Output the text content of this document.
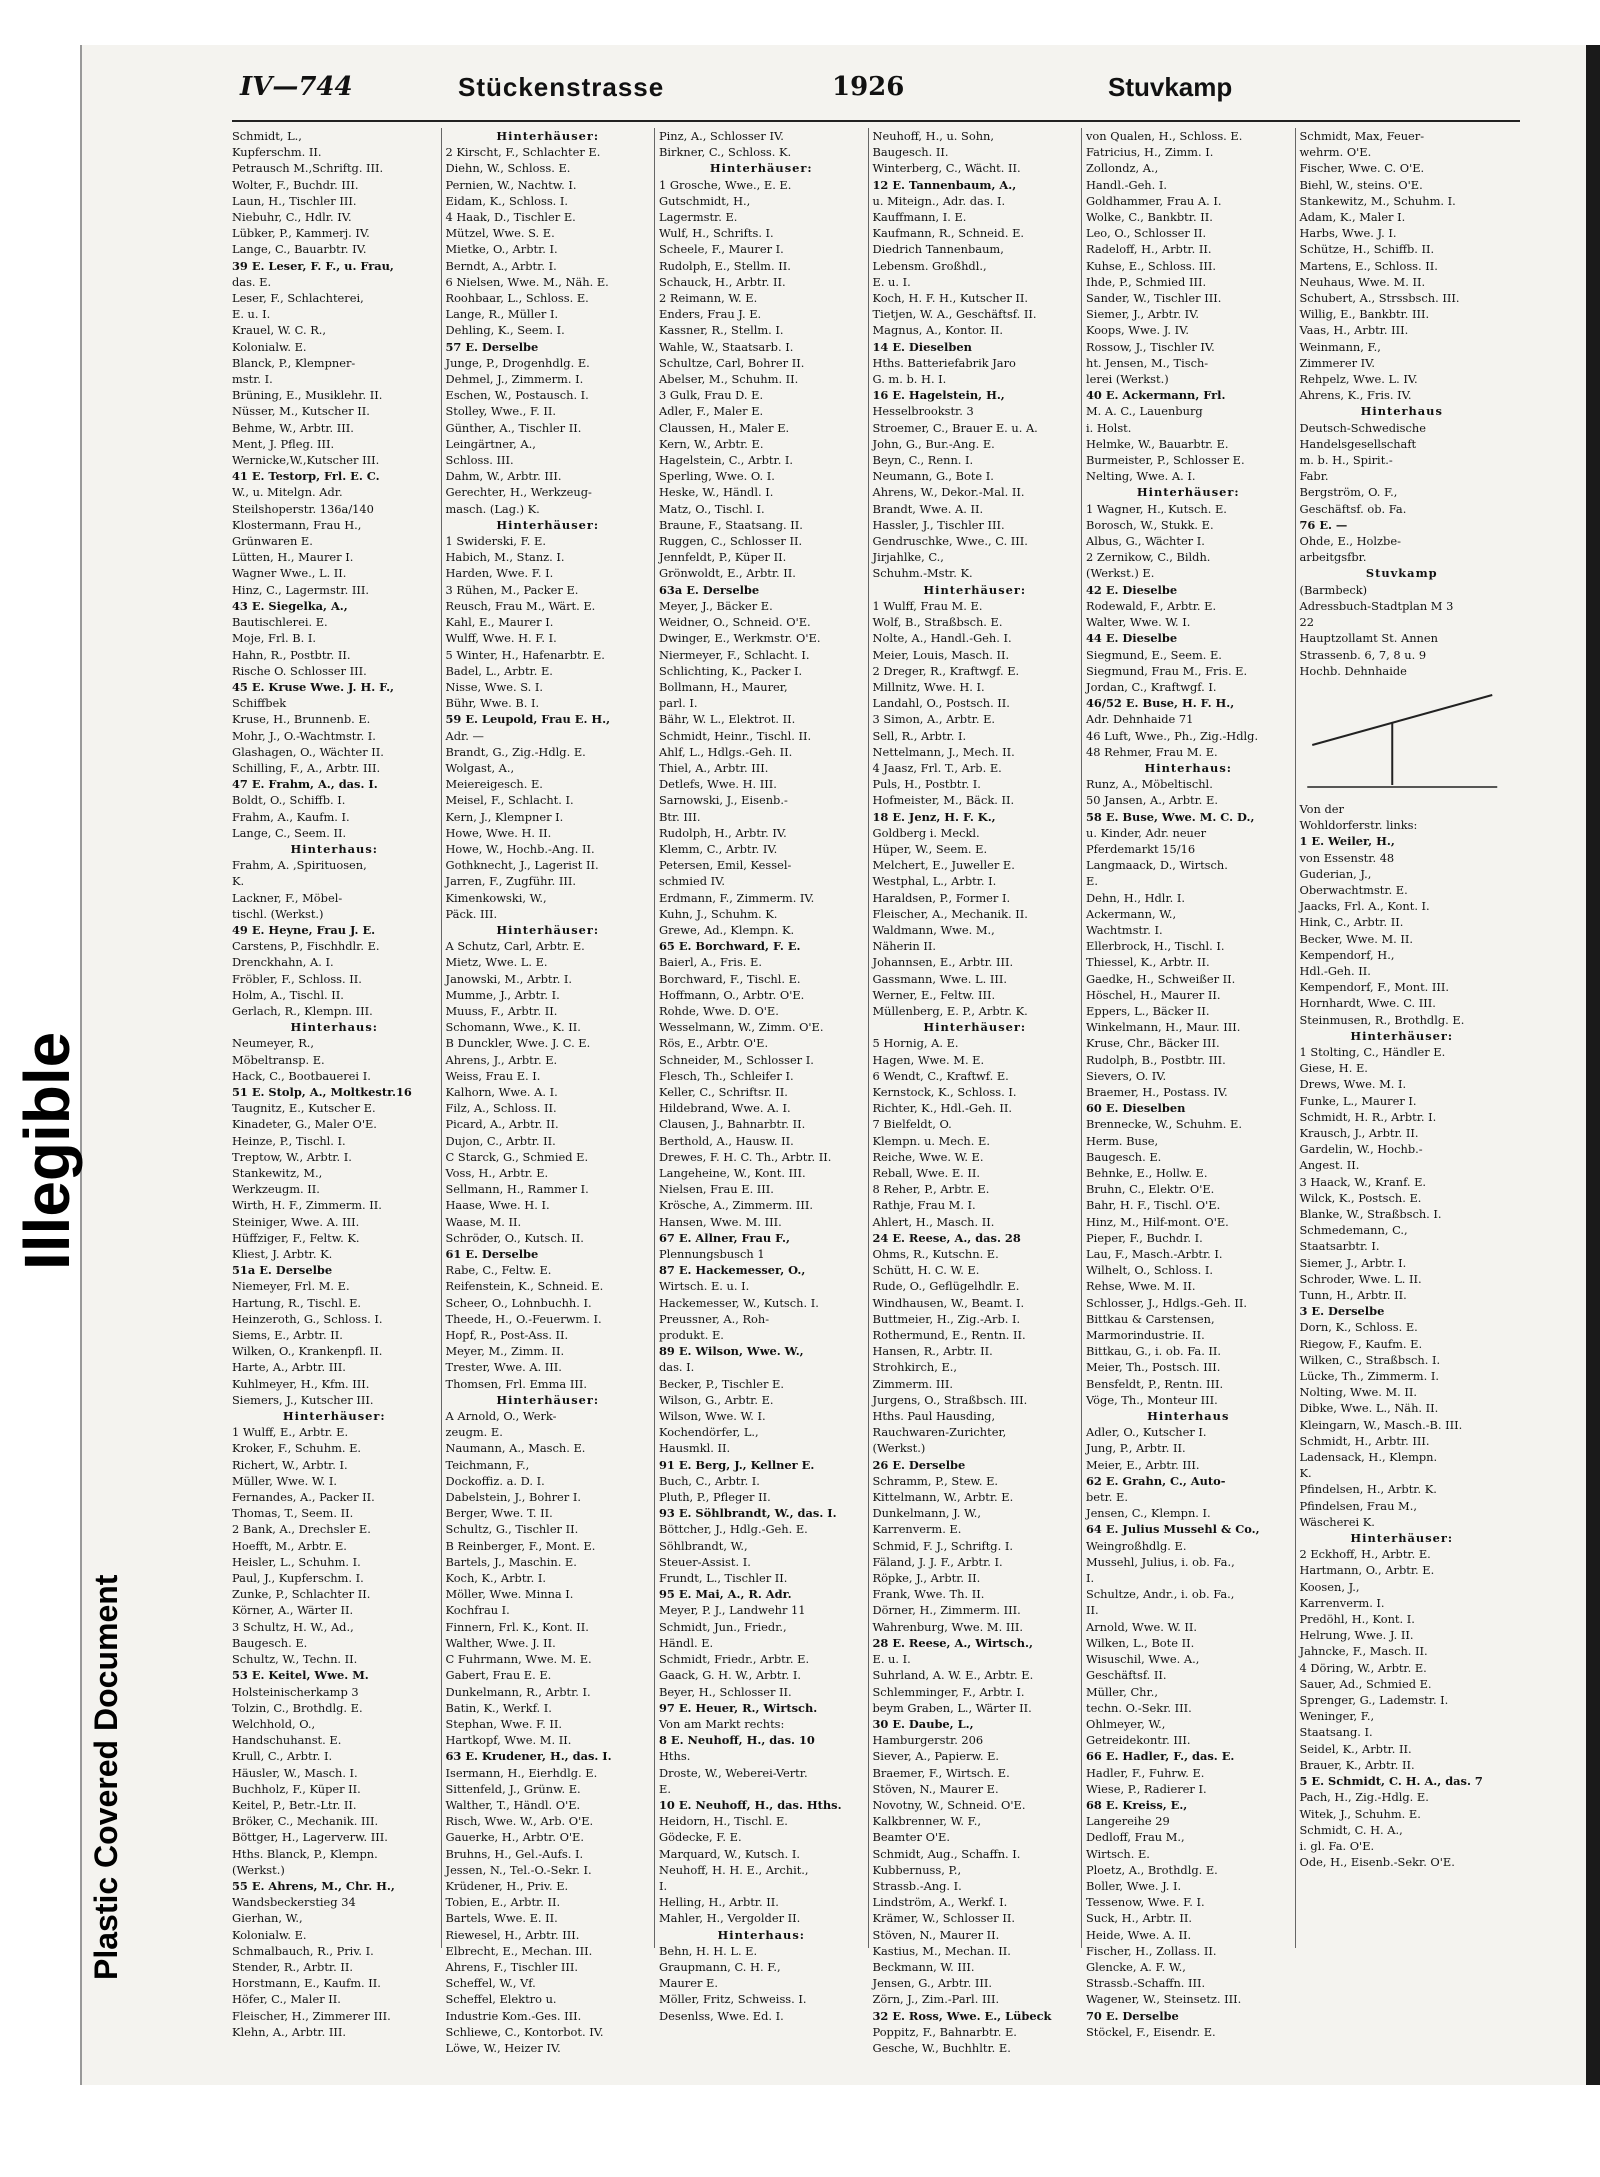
Plastic Covered Document
Illegible
IV—744	Stückenstrasse	1926	Stuvkamp
Schmidt, L.,
Kupferschm. II.
Petrausch M.,Schriftg. III.
Wolter, F., Buchdr. III.
Laun, H., Tischler III.
Niebuhr, C., Hdlr. IV.
Lübker, P., Kammerj. IV.
Lange, C., Bauarbtr. IV.
39 E. Leser, F. F., u. Frau,
das. E.
Leser, F., Schlachterei,
E. u. I.
Krauel, W. C. R.,
Kolonialw. E.
Blanck, P., Klempner-
mstr. I.
Brüning, E., Musiklehr. II.
Nüsser, M., Kutscher II.
Behme, W., Arbtr. III.
Ment, J. Pfleg. III.
Wernicke,W.,Kutscher III.
41 E. Testorp, Frl. E. C.
W., u. Mitelgn. Adr.
Steilshoperstr. 136a/140
Klostermann, Frau H.,
Grünwaren E.
Lütten, H., Maurer I.
Wagner Wwe., L. II.
Hinz, C., Lagermstr. III.
43 E. Siegelka, A.,
Bautischlerei. E.
Moje, Frl. B. I.
Hahn, R., Postbtr. II.
Rische O. Schlosser III.
45 E. Kruse Wwe. J. H. F.,
Schiffbek
Kruse, H., Brunnenb. E.
Mohr, J., O.-Wachtmstr. I.
Glashagen, O., Wächter II.
Schilling, F., A., Arbtr. III.
47 E. Frahm, A., das. I.
Boldt, O., Schiffb. I.
Frahm, A., Kaufm. I.
Lange, C., Seem. II.
Hinterhaus:
Frahm, A. ,Spirituosen,
K.
Lackner, F., Möbel-
tischl. (Werkst.)
49 E. Heyne, Frau J. E.
Carstens, P., Fischhdlr. E.
Drenckhahn, A. I.
Fröbler, F., Schloss. II.
Holm, A., Tischl. II.
Gerlach, R., Klempn. III.
Hinterhaus:
Neumeyer, R.,
Möbeltransp. E.
Hack, C., Bootbauerei I.
51 E. Stolp, A., Moltkestr.16
Taugnitz, E., Kutscher E.
Kinadeter, G., Maler O'E.
Heinze, P., Tischl. I.
Treptow, W., Arbtr. I.
Stankewitz, M.,
Werkzeugm. II.
Wirth, H. F., Zimmerm. II.
Steiniger, Wwe. A. III.
Hüffziger, F., Feltw. K.
Kliest, J. Arbtr. K.
51a E. Derselbe
Niemeyer, Frl. M. E.
Hartung, R., Tischl. E.
Heinzeroth, G., Schloss. I.
Siems, E., Arbtr. II.
Wilken, O., Krankenpfl. II.
Harte, A., Arbtr. III.
Kuhlmeyer, H., Kfm. III.
Siemers, J., Kutscher III.
Hinterhäuser:
1 Wulff, E., Arbtr. E.
Kroker, F., Schuhm. E.
Richert, W., Arbtr. I.
Müller, Wwe. W. I.
Fernandes, A., Packer II.
Thomas, T., Seem. II.
2 Bank, A., Drechsler E.
Hoefft, M., Arbtr. E.
Heisler, L., Schuhm. I.
Paul, J., Kupferschm. I.
Zunke, P., Schlachter II.
Körner, A., Wärter II.
3 Schultz, H. W., Ad.,
Baugesch. E.
Schultz, W., Techn. II.
53 E. Keitel, Wwe. M.
Holsteinischerkamp 3
Tolzin, C., Brothdlg. E.
Welchhold, O.,
Handschuhanst. E.
Krull, C., Arbtr. I.
Häusler, W., Masch. I.
Buchholz, F., Küper II.
Keitel, P., Betr.-Ltr. II.
Bröker, C., Mechanik. III.
Böttger, H., Lagerverw. III.
Hths. Blanck, P., Klempn.
(Werkst.)
55 E. Ahrens, M., Chr. H.,
Wandsbeckerstieg 34
Gierhan, W.,
Kolonialw. E.
Schmalbauch, R., Priv. I.
Stender, R., Arbtr. II.
Horstmann, E., Kaufm. II.
Höfer, C., Maler II.
Fleischer, H., Zimmerer III.
Klehn, A., Arbtr. III.
Hinterhäuser:
2 Kirscht, F., Schlachter E.
Diehn, W., Schloss. E.
Pernien, W., Nachtw. I.
Eidam, K., Schloss. I.
4 Haak, D., Tischler E.
Mützel, Wwe. S. E.
Mietke, O., Arbtr. I.
Berndt, A., Arbtr. I.
6 Nielsen, Wwe. M., Näh. E.
Roohbaar, L., Schloss. E.
Lange, R., Müller I.
Dehling, K., Seem. I.
57 E. Derselbe
Junge, P., Drogenhdlg. E.
Dehmel, J., Zimmerm. I.
Eschen, W., Postausch. I.
Stolley, Wwe., F. II.
Günther, A., Tischler II.
Leingärtner, A.,
Schloss. III.
Dahm, W., Arbtr. III.
Gerechter, H., Werkzeug-
masch. (Lag.) K.
Hinterhäuser:
1 Swiderski, F. E.
Habich, M., Stanz. I.
Harden, Wwe. F. I.
3 Rühen, M., Packer E.
Reusch, Frau M., Wärt. E.
Kahl, E., Maurer I.
Wulff, Wwe. H. F. I.
5 Winter, H., Hafenarbtr. E.
Badel, L., Arbtr. E.
Nisse, Wwe. S. I.
Bühr, Wwe. B. I.
59 E. Leupold, Frau E. H.,
Adr. —
Brandt, G., Zig.-Hdlg. E.
Wolgast, A.,
Meiereigesch. E.
Meisel, F., Schlacht. I.
Kern, J., Klempner I.
Howe, Wwe. H. II.
Howe, W., Hochb.-Ang. II.
Gothknecht, J., Lagerist II.
Jarren, F., Zugführ. III.
Kimenkowski, W.,
Päck. III.
Hinterhäuser:
A Schutz, Carl, Arbtr. E.
Mietz, Wwe. L. E.
Janowski, M., Arbtr. I.
Mumme, J., Arbtr. I.
Muuss, F., Arbtr. II.
Schomann, Wwe., K. II.
B Dunckler, Wwe. J. C. E.
Ahrens, J., Arbtr. E.
Weiss, Frau E. I.
Kalhorn, Wwe. A. I.
Filz, A., Schloss. II.
Picard, A., Arbtr. II.
Dujon, C., Arbtr. II.
C Starck, G., Schmied E.
Voss, H., Arbtr. E.
Sellmann, H., Rammer I.
Haase, Wwe. H. I.
Waase, M. II.
Schröder, O., Kutsch. II.
61 E. Derselbe
Rabe, C., Feltw. E.
Reifenstein, K., Schneid. E.
Scheer, O., Lohnbuchh. I.
Theede, H., O.-Feuerwm. I.
Hopf, R., Post-Ass. II.
Meyer, M., Zimm. II.
Trester, Wwe. A. III.
Thomsen, Frl. Emma III.
Hinterhäuser:
A Arnold, O., Werk-
zeugm. E.
Naumann, A., Masch. E.
Teichmann, F.,
Dockoffiz. a. D. I.
Dabelstein, J., Bohrer I.
Berger, Wwe. T. II.
Schultz, G., Tischler II.
B Reinberger, F., Mont. E.
Bartels, J., Maschin. E.
Koch, K., Arbtr. I.
Möller, Wwe. Minna I.
Kochfrau I.
Finnern, Frl. K., Kont. II.
Walther, Wwe. J. II.
C Fuhrmann, Wwe. M. E.
Gabert, Frau E. E.
Dunkelmann, R., Arbtr. I.
Batin, K., Werkf. I.
Stephan, Wwe. F. II.
Hartkopf, Wwe. M. II.
63 E. Krudener, H., das. I.
Isermann, H., Eierhdlg. E.
Sittenfeld, J., Grünw. E.
Walther, T., Händl. O'E.
Risch, Wwe. W., Arb. O'E.
Gauerke, H., Arbtr. O'E.
Bruhns, H., Gel.-Aufs. I.
Jessen, N., Tel.-O.-Sekr. I.
Krüdener, H., Priv. E.
Tobien, E., Arbtr. II.
Bartels, Wwe. E. II.
Riewesel, H., Arbtr. III.
Elbrecht, E., Mechan. III.
Ahrens, F., Tischler III.
Scheffel, W., Vf.
Scheffel, Elektro u.
Industrie Kom.-Ges. III.
Schliewe, C., Kontorbot. IV.
Löwe, W., Heizer IV.
Pinz, A., Schlosser IV.
Birkner, C., Schloss. K.
Hinterhäuser:
1 Grosche, Wwe., E. E.
Gutschmidt, H.,
Lagermstr. E.
Wulf, H., Schrifts. I.
Scheele, F., Maurer I.
Rudolph, E., Stellm. II.
Schauck, H., Arbtr. II.
2 Reimann, W. E.
Enders, Frau J. E.
Kassner, R., Stellm. I.
Wahle, W., Staatsarb. I.
Schultze, Carl, Bohrer II.
Abelser, M., Schuhm. II.
3 Gulk, Frau D. E.
Adler, F., Maler E.
Claussen, H., Maler E.
Kern, W., Arbtr. E.
Hagelstein, C., Arbtr. I.
Sperling, Wwe. O. I.
Heske, W., Händl. I.
Matz, O., Tischl. I.
Braune, F., Staatsang. II.
Ruggen, C., Schlosser II.
Jennfeldt, P., Küper II.
Grönwoldt, E., Arbtr. II.
63a E. Derselbe
Meyer, J., Bäcker E.
Weidner, O., Schneid. O'E.
Dwinger, E., Werkmstr. O'E.
Niermeyer, F., Schlacht. I.
Schlichting, K., Packer I.
Bollmann, H., Maurer,
parl. I.
Bähr, W. L., Elektrot. II.
Schmidt, Heinr., Tischl. II.
Ahlf, L., Hdlgs.-Geh. II.
Thiel, A., Arbtr. III.
Detlefs, Wwe. H. III.
Sarnowski, J., Eisenb.-
Btr. III.
Rudolph, H., Arbtr. IV.
Klemm, C., Arbtr. IV.
Petersen, Emil, Kessel-
schmied IV.
Erdmann, F., Zimmerm. IV.
Kuhn, J., Schuhm. K.
Grewe, Ad., Klempn. K.
65 E. Borchward, F. E.
Baierl, A., Fris. E.
Borchward, F., Tischl. E.
Hoffmann, O., Arbtr. O'E.
Rohde, Wwe. D. O'E.
Wesselmann, W., Zimm. O'E.
Rös, E., Arbtr. O'E.
Schneider, M., Schlosser I.
Flesch, Th., Schleifer I.
Keller, C., Schriftsr. II.
Hildebrand, Wwe. A. I.
Clausen, J., Bahnarbtr. II.
Berthold, A., Hausw. II.
Drewes, F. H. C. Th., Arbtr. II.
Langeheine, W., Kont. III.
Nielsen, Frau E. III.
Krösche, A., Zimmerm. III.
Hansen, Wwe. M. III.
67 E. Allner, Frau F.,
Plennungsbusch 1
87 E. Hackemesser, O.,
Wirtsch. E. u. I.
Hackemesser, W., Kutsch. I.
Preussner, A., Roh-
produkt. E.
89 E. Wilson, Wwe. W.,
das. I.
Becker, P., Tischler E.
Wilson, G., Arbtr. E.
Wilson, Wwe. W. I.
Kochendörfer, L.,
Hausmkl. II.
91 E. Berg, J., Kellner E.
Buch, C., Arbtr. I.
Pluth, P., Pfleger II.
93 E. Söhlbrandt, W., das. I.
Böttcher, J., Hdlg.-Geh. E.
Söhlbrandt, W.,
Steuer-Assist. I.
Frundt, L., Tischler II.
95 E. Mai, A., R. Adr.
Meyer, P. J., Landwehr 11
Schmidt, Jun., Friedr.,
Händl. E.
Schmidt, Friedr., Arbtr. E.
Gaack, G. H. W., Arbtr. I.
Beyer, H., Schlosser II.
97 E. Heuer, R., Wirtsch.
Von am Markt rechts:
8 E. Neuhoff, H., das. 10
Hths.
Droste, W., Weberei-Vertr.
E.
10 E. Neuhoff, H., das. Hths.
Heidorn, H., Tischl. E.
Gödecke, F. E.
Marquard, W., Kutsch. I.
Neuhoff, H. H. E., Archit.,
I.
Helling, H., Arbtr. II.
Mahler, H., Vergolder II.
Hinterhaus:
Behn, H. H. L. E.
Graupmann, C. H. F.,
Maurer E.
Möller, Fritz, Schweiss. I.
Desenlss, Wwe. Ed. I.
Neuhoff, H., u. Sohn,
Baugesch. II.
Winterberg, C., Wächt. II.
12 E. Tannenbaum, A.,
u. Miteign., Adr. das. I.
Kauffmann, I. E.
Kaufmann, R., Schneid. E.
Diedrich Tannenbaum,
Lebensm. Großhdl.,
E. u. I.
Koch, H. F. H., Kutscher II.
Tietjen, W. A., Geschäftsf. II.
Magnus, A., Kontor. II.
14 E. Dieselben
Hths. Batteriefabrik Jaro
G. m. b. H. I.
16 E. Hagelstein, H.,
Hesselbrookstr. 3
Stroemer, C., Brauer E. u. A.
John, G., Bur.-Ang. E.
Beyn, C., Renn. I.
Neumann, G., Bote I.
Ahrens, W., Dekor.-Mal. II.
Brandt, Wwe. A. II.
Hassler, J., Tischler III.
Gendruschke, Wwe., C. III.
Jirjahlke, C.,
Schuhm.-Mstr. K.
Hinterhäuser:
1 Wulff, Frau M. E.
Wolf, B., Straßbsch. E.
Nolte, A., Handl.-Geh. I.
Meier, Louis, Masch. II.
2 Dreger, R., Kraftwgf. E.
Millnitz, Wwe. H. I.
Landahl, O., Postsch. II.
3 Simon, A., Arbtr. E.
Sell, R., Arbtr. I.
Nettelmann, J., Mech. II.
4 Jaasz, Frl. T., Arb. E.
Puls, H., Postbtr. I.
Hofmeister, M., Bäck. II.
18 E. Jenz, H. F. K.,
Goldberg i. Meckl.
Hüper, W., Seem. E.
Melchert, E., Juweller E.
Westphal, L., Arbtr. I.
Haraldsen, P., Former I.
Fleischer, A., Mechanik. II.
Waldmann, Wwe. M.,
Näherin II.
Johannsen, E., Arbtr. III.
Gassmann, Wwe. L. III.
Werner, E., Feltw. III.
Müllenberg, E. P., Arbtr. K.
Hinterhäuser:
5 Hornig, A. E.
Hagen, Wwe. M. E.
6 Wendt, C., Kraftwf. E.
Kernstock, K., Schloss. I.
Richter, K., Hdl.-Geh. II.
7 Bielfeldt, O.
Klempn. u. Mech. E.
Reiche, Wwe. W. E.
Reball, Wwe. E. II.
8 Reher, P., Arbtr. E.
Rathje, Frau M. I.
Ahlert, H., Masch. II.
24 E. Reese, A., das. 28
Ohms, R., Kutschn. E.
Schütt, H. C. W. E.
Rude, O., Geflügelhdlr. E.
Windhausen, W., Beamt. I.
Buttmeier, H., Zig.-Arb. I.
Rothermund, E., Rentn. II.
Hansen, R., Arbtr. II.
Strohkirch, E.,
Zimmerm. III.
Jurgens, O., Straßbsch. III.
Hths. Paul Hausding,
Rauchwaren-Zurichter,
(Werkst.)
26 E. Derselbe
Schramm, P., Stew. E.
Kittelmann, W., Arbtr. E.
Dunkelmann, J. W.,
Karrenverm. E.
Schmid, F. J., Schriftg. I.
Fäland, J. J. F., Arbtr. I.
Röpke, J., Arbtr. II.
Frank, Wwe. Th. II.
Dörner, H., Zimmerm. III.
Wahrenburg, Wwe. M. III.
28 E. Reese, A., Wirtsch.,
E. u. I.
Suhrland, A. W. E., Arbtr. E.
Schlemminger, F., Arbtr. I.
beym Graben, L., Wärter II.
30 E. Daube, L.,
Hamburgerstr. 206
Siever, A., Papierw. E.
Braemer, F., Wirtsch. E.
Stöven, N., Maurer E.
Novotny, W., Schneid. O'E.
Kalkbrenner, W. F.,
Beamter O'E.
Schmidt, Aug., Schaffn. I.
Kubbernuss, P.,
Strassb.-Ang. I.
Lindström, A., Werkf. I.
Krämer, W., Schlosser II.
Stöven, N., Maurer II.
Kastius, M., Mechan. II.
Beckmann, W. III.
Jensen, G., Arbtr. III.
Zörn, J., Zim.-Parl. III.
32 E. Ross, Wwe. E., Lübeck
Poppitz, F., Bahnarbtr. E.
Gesche, W., Buchhltr. E.
von Qualen, H., Schloss. E.
Fatricius, H., Zimm. I.
Zollondz, A.,
Handl.-Geh. I.
Goldhammer, Frau A. I.
Wolke, C., Bankbtr. II.
Leo, O., Schlosser II.
Radeloff, H., Arbtr. II.
Kuhse, E., Schloss. III.
Ihde, P., Schmied III.
Sander, W., Tischler III.
Siemer, J., Arbtr. IV.
Koops, Wwe. J. IV.
Rossow, J., Tischler IV.
ht. Jensen, M., Tisch-
lerei (Werkst.)
40 E. Ackermann, Frl.
M. A. C., Lauenburg
i. Holst.
Helmke, W., Bauarbtr. E.
Burmeister, P., Schlosser E.
Nelting, Wwe. A. I.
Hinterhäuser:
1 Wagner, H., Kutsch. E.
Borosch, W., Stukk. E.
Albus, G., Wächter I.
2 Zernikow, C., Bildh.
(Werkst.) E.
42 E. Dieselbe
Rodewald, F., Arbtr. E.
Walter, Wwe. W. I.
44 E. Dieselbe
Siegmund, E., Seem. E.
Siegmund, Frau M., Fris. E.
Jordan, C., Kraftwgf. I.
46/52 E. Buse, H. F. H.,
Adr. Dehnhaide 71
46 Luft, Wwe., Ph., Zig.-Hdlg.
48 Rehmer, Frau M. E.
Hinterhaus:
Runz, A., Möbeltischl.
50 Jansen, A., Arbtr. E.
58 E. Buse, Wwe. M. C. D.,
u. Kinder, Adr. neuer
Pferdemarkt 15/16
Langmaack, D., Wirtsch.
E.
Dehn, H., Hdlr. I.
Ackermann, W.,
Wachtmstr. I.
Ellerbrock, H., Tischl. I.
Thiessel, K., Arbtr. II.
Gaedke, H., Schweißer II.
Höschel, H., Maurer II.
Eppers, L., Bäcker II.
Winkelmann, H., Maur. III.
Kruse, Chr., Bäcker III.
Rudolph, B., Postbtr. III.
Sievers, O. IV.
Braemer, H., Postass. IV.
60 E. Dieselben
Brennecke, W., Schuhm. E.
Herm. Buse,
Baugesch. E.
Behnke, E., Hollw. E.
Bruhn, C., Elektr. O'E.
Bahr, H. F., Tischl. O'E.
Hinz, M., Hilf-mont. O'E.
Pieper, F., Buchdr. I.
Lau, F., Masch.-Arbtr. I.
Wilhelt, O., Schloss. I.
Rehse, Wwe. M. II.
Schlosser, J., Hdlgs.-Geh. II.
Bittkau & Carstensen,
Marmorindustrie. II.
Bittkau, G., i. ob. Fa. II.
Meier, Th., Postsch. III.
Bensfeldt, P., Rentn. III.
Vöge, Th., Monteur III.
Hinterhaus
Adler, O., Kutscher I.
Jung, P., Arbtr. II.
Meier, E., Arbtr. III.
62 E. Grahn, C., Auto-
betr. E.
Jensen, C., Klempn. I.
64 E. Julius Mussehl & Co.,
Weingroßhdlg. E.
Mussehl, Julius, i. ob. Fa.,
I.
Schultze, Andr., i. ob. Fa.,
II.
Arnold, Wwe. W. II.
Wilken, L., Bote II.
Wisuschil, Wwe. A.,
Geschäftsf. II.
Müller, Chr.,
techn. O.-Sekr. III.
Ohlmeyer, W.,
Getreidekontr. III.
66 E. Hadler, F., das. E.
Hadler, F., Fuhrw. E.
Wiese, P., Radierer I.
68 E. Kreiss, E.,
Langereihe 29
Dedloff, Frau M.,
Wirtsch. E.
Ploetz, A., Brothdlg. E.
Boller, Wwe. J. I.
Tessenow, Wwe. F. I.
Suck, H., Arbtr. II.
Heide, Wwe. A. II.
Fischer, H., Zollass. II.
Glencke, A. F. W.,
Strassb.-Schaffn. III.
Wagener, W., Steinsetz. III.
70 E. Derselbe
Stöckel, F., Eisendr. E.
Schmidt, Max, Feuer-
wehrm. O'E.
Fischer, Wwe. C. O'E.
Biehl, W., steins. O'E.
Stankewitz, M., Schuhm. I.
Adam, K., Maler I.
Harbs, Wwe. J. I.
Schütze, H., Schiffb. II.
Martens, E., Schloss. II.
Neuhaus, Wwe. M. II.
Schubert, A., Strssbsch. III.
Willig, E., Bankbtr. III.
Vaas, H., Arbtr. III.
Weinmann, F.,
Zimmerer IV.
Rehpelz, Wwe. L. IV.
Ahrens, K., Fris. IV.
Hinterhaus
Deutsch-Schwedische
Handelsgesellschaft
m. b. H., Spirit.-
Fabr.
Bergström, O. F.,
Geschäftsf. ob. Fa.
76 E. —
Ohde, E., Holzbe-
arbeitgsfbr.
Stuvkamp
(Barmbeck)
Adressbuch-Stadtplan M 3
22
Hauptzollamt St. Annen
Strassenb. 6, 7, 8 u. 9
Hochb. Dehnhaide
Von der
Wohldorferstr. links:
1 E. Weiler, H.,
von Essenstr. 48
Guderian, J.,
Oberwachtmstr. E.
Jaacks, Frl. A., Kont. I.
Hink, C., Arbtr. II.
Becker, Wwe. M. II.
Kempendorf, H.,
Hdl.-Geh. II.
Kempendorf, F., Mont. III.
Hornhardt, Wwe. C. III.
Steinmusen, R., Brothdlg. E.
Hinterhäuser:
1 Stolting, C., Händler E.
Giese, H. E.
Drews, Wwe. M. I.
Funke, L., Maurer I.
Schmidt, H. R., Arbtr. I.
Krausch, J., Arbtr. II.
Gardelin, W., Hochb.-
Angest. II.
3 Haack, W., Kranf. E.
Wilck, K., Postsch. E.
Blanke, W., Straßbsch. I.
Schmedemann, C.,
Staatsarbtr. I.
Siemer, J., Arbtr. I.
Schroder, Wwe. L. II.
Tunn, H., Arbtr. II.
3 E. Derselbe
Dorn, K., Schloss. E.
Riegow, F., Kaufm. E.
Wilken, C., Straßbsch. I.
Lücke, Th., Zimmerm. I.
Nolting, Wwe. M. II.
Dibke, Wwe. L., Näh. II.
Kleingarn, W., Masch.-B. III.
Schmidt, H., Arbtr. III.
Ladensack, H., Klempn.
K.
Pfindelsen, H., Arbtr. K.
Pfindelsen, Frau M.,
Wäscherei K.
Hinterhäuser:
2 Eckhoff, H., Arbtr. E.
Hartmann, O., Arbtr. E.
Koosen, J.,
Karrenverm. I.
Predöhl, H., Kont. I.
Helrung, Wwe. J. II.
Jahncke, F., Masch. II.
4 Döring, W., Arbtr. E.
Sauer, Ad., Schmied E.
Sprenger, G., Lademstr. I.
Weninger, F.,
Staatsang. I.
Seidel, K., Arbtr. II.
Brauer, K., Arbtr. II.
5 E. Schmidt, C. H. A., das. 7
Pach, H., Zig.-Hdlg. E.
Witek, J., Schuhm. E.
Schmidt, C. H. A.,
i. gl. Fa. O'E.
Ode, H., Eisenb.-Sekr. O'E.
